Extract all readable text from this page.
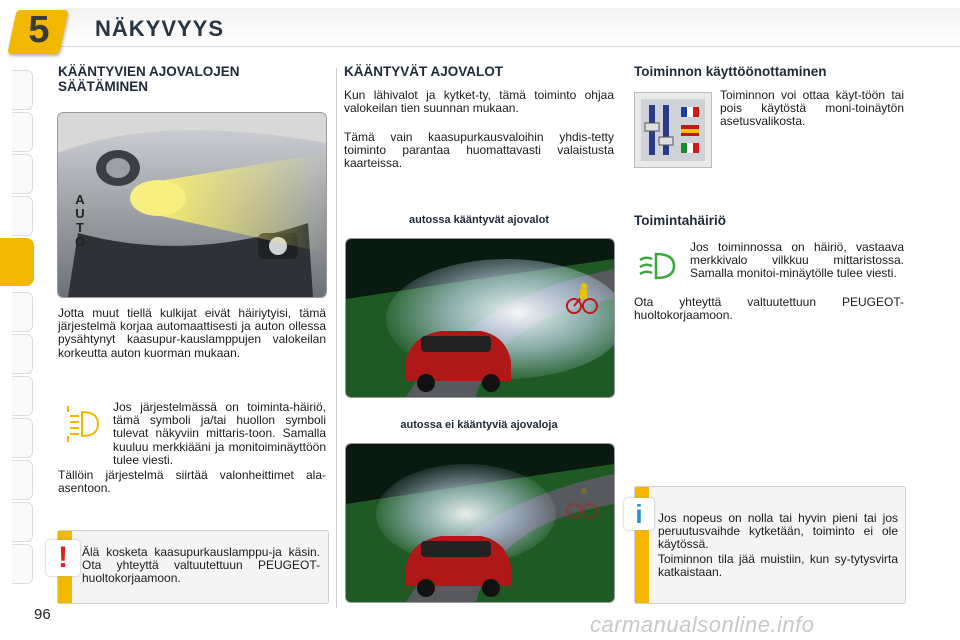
5	NÄKYVYYS
KÄÄNTYVIEN AJOVALOJEN SÄÄTÄMINEN
AUTO

Jotta muut tiellä kulkijat eivät häiriytyisi, tämä järjestelmä korjaa automaattisesti ja auton ollessa pysähtynyt kaasupur-kauslamppujen valokeilan korkeutta auton kuorman mukaan.

Jos järjestelmässä on toiminta-häiriö, tämä symboli ja/tai huollon symboli tulevat näkyviin mittaris-toon. Samalla kuuluu merkkiääni ja monitoiminäyttöön tulee viesti.

Tällöin järjestelmä siirtää valonheittimet ala-asentoon.

!	Älä kosketa kaasupurkauslamppu-ja käsin. Ota yhteyttä valtuutettuun PEUGEOT-huoltokorjaamoon.

KÄÄNTYVÄT AJOVALOT

Kun lähivalot ja kytket-ty, tämä toiminto ohjaa valokeilan tien suunnan mukaan.

Tämä vain kaasupurkausvaloihin yhdis-tetty toiminto parantaa huomattavasti valaistusta kaarteissa.

autossa kääntyvät ajovalot
autossa ei kääntyviä ajovaloja
Toiminnon käyttöönottaminen

Toiminnon voi ottaa käyt-töön tai pois käytöstä moni-toinäytön asetusvalikosta.

Toimintahäiriö

Jos toiminnossa on häiriö, vastaava merkkivalo vilkkuu mittaristossa. Samalla monitoi-minäytölle tulee viesti.

Ota yhteyttä valtuutettuun PEUGEOT-huoltokorjaamoon.

i	Jos nopeus on nolla tai hyvin pieni tai jos peruutusvaihde kytketään, toiminto ei ole käytössä.

Toiminnon tila jää muistiin, kun sy-tytysvirta katkaistaan.

96	carmanualsonline.info
